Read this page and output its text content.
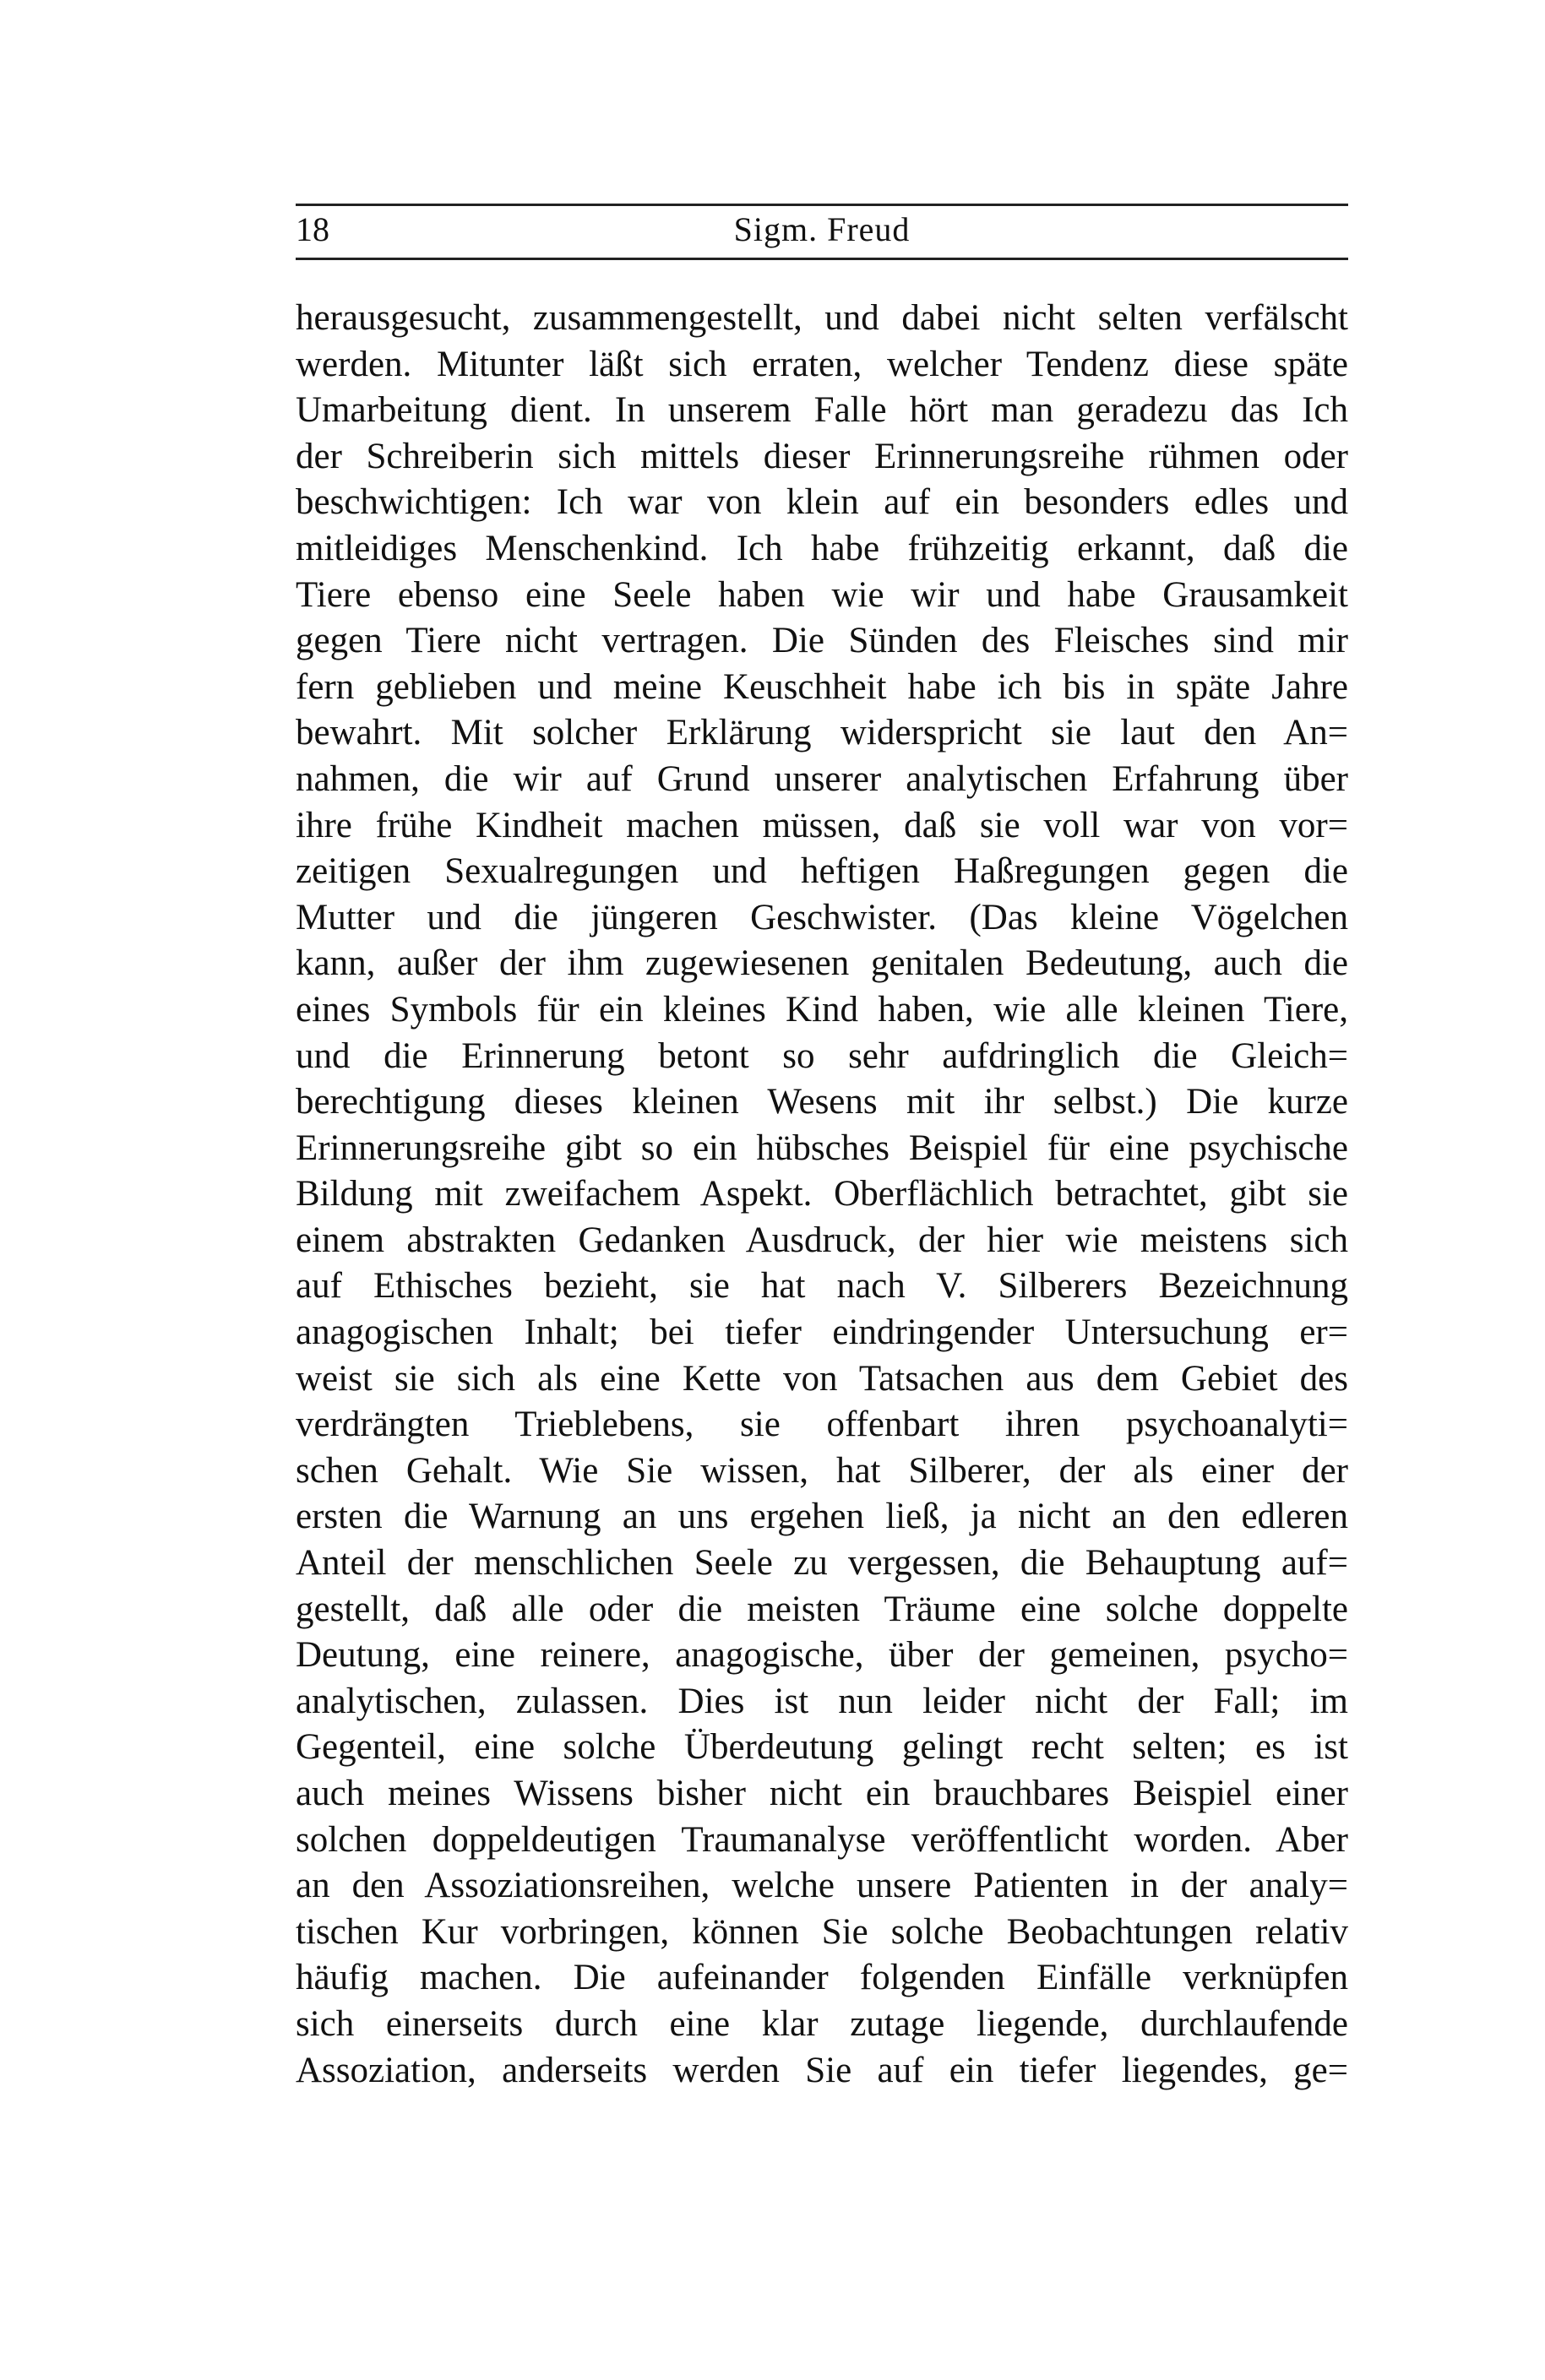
18	Sigm. Freud
herausgesucht, zusammengestellt, und dabei nicht selten verfälscht
werden. Mitunter läßt sich erraten, welcher Tendenz diese späte
Umarbeitung dient. In unserem Falle hört man geradezu das Ich
der Schreiberin sich mittels dieser Erinnerungsreihe rühmen oder
beschwichtigen: Ich war von klein auf ein besonders edles und
mitleidiges Menschenkind. Ich habe frühzeitig erkannt, daß die
Tiere ebenso eine Seele haben wie wir und habe Grausamkeit
gegen Tiere nicht vertragen. Die Sünden des Fleisches sind mir
fern geblieben und meine Keuschheit habe ich bis in späte Jahre
bewahrt. Mit solcher Erklärung widerspricht sie laut den An=
nahmen, die wir auf Grund unserer analytischen Erfahrung über
ihre frühe Kindheit machen müssen, daß sie voll war von vor=
zeitigen Sexualregungen und heftigen Haßregungen gegen die
Mutter und die jüngeren Geschwister. (Das kleine Vögelchen
kann, außer der ihm zugewiesenen genitalen Bedeutung, auch die
eines Symbols für ein kleines Kind haben, wie alle kleinen Tiere,
und die Erinnerung betont so sehr aufdringlich die Gleich=
berechtigung dieses kleinen Wesens mit ihr selbst.) Die kurze
Erinnerungsreihe gibt so ein hübsches Beispiel für eine psychische
Bildung mit zweifachem Aspekt. Oberflächlich betrachtet, gibt sie
einem abstrakten Gedanken Ausdruck, der hier wie meistens sich
auf Ethisches bezieht, sie hat nach V. Silberers Bezeichnung
anagogischen Inhalt; bei tiefer eindringender Untersuchung er=
weist sie sich als eine Kette von Tatsachen aus dem Gebiet des
verdrängten Trieblebens, sie offenbart ihren psychoanalyti=
schen Gehalt. Wie Sie wissen, hat Silberer, der als einer der
ersten die Warnung an uns ergehen ließ, ja nicht an den edleren
Anteil der menschlichen Seele zu vergessen, die Behauptung auf=
gestellt, daß alle oder die meisten Träume eine solche doppelte
Deutung, eine reinere, anagogische, über der gemeinen, psycho=
analytischen, zulassen. Dies ist nun leider nicht der Fall; im
Gegenteil, eine solche Überdeutung gelingt recht selten; es ist
auch meines Wissens bisher nicht ein brauchbares Beispiel einer
solchen doppeldeutigen Traumanalyse veröffentlicht worden. Aber
an den Assoziationsreihen, welche unsere Patienten in der analy=
tischen Kur vorbringen, können Sie solche Beobachtungen relativ
häufig machen. Die aufeinander folgenden Einfälle verknüpfen
sich einerseits durch eine klar zutage liegende, durchlaufende
Assoziation, anderseits werden Sie auf ein tiefer liegendes, ge=
